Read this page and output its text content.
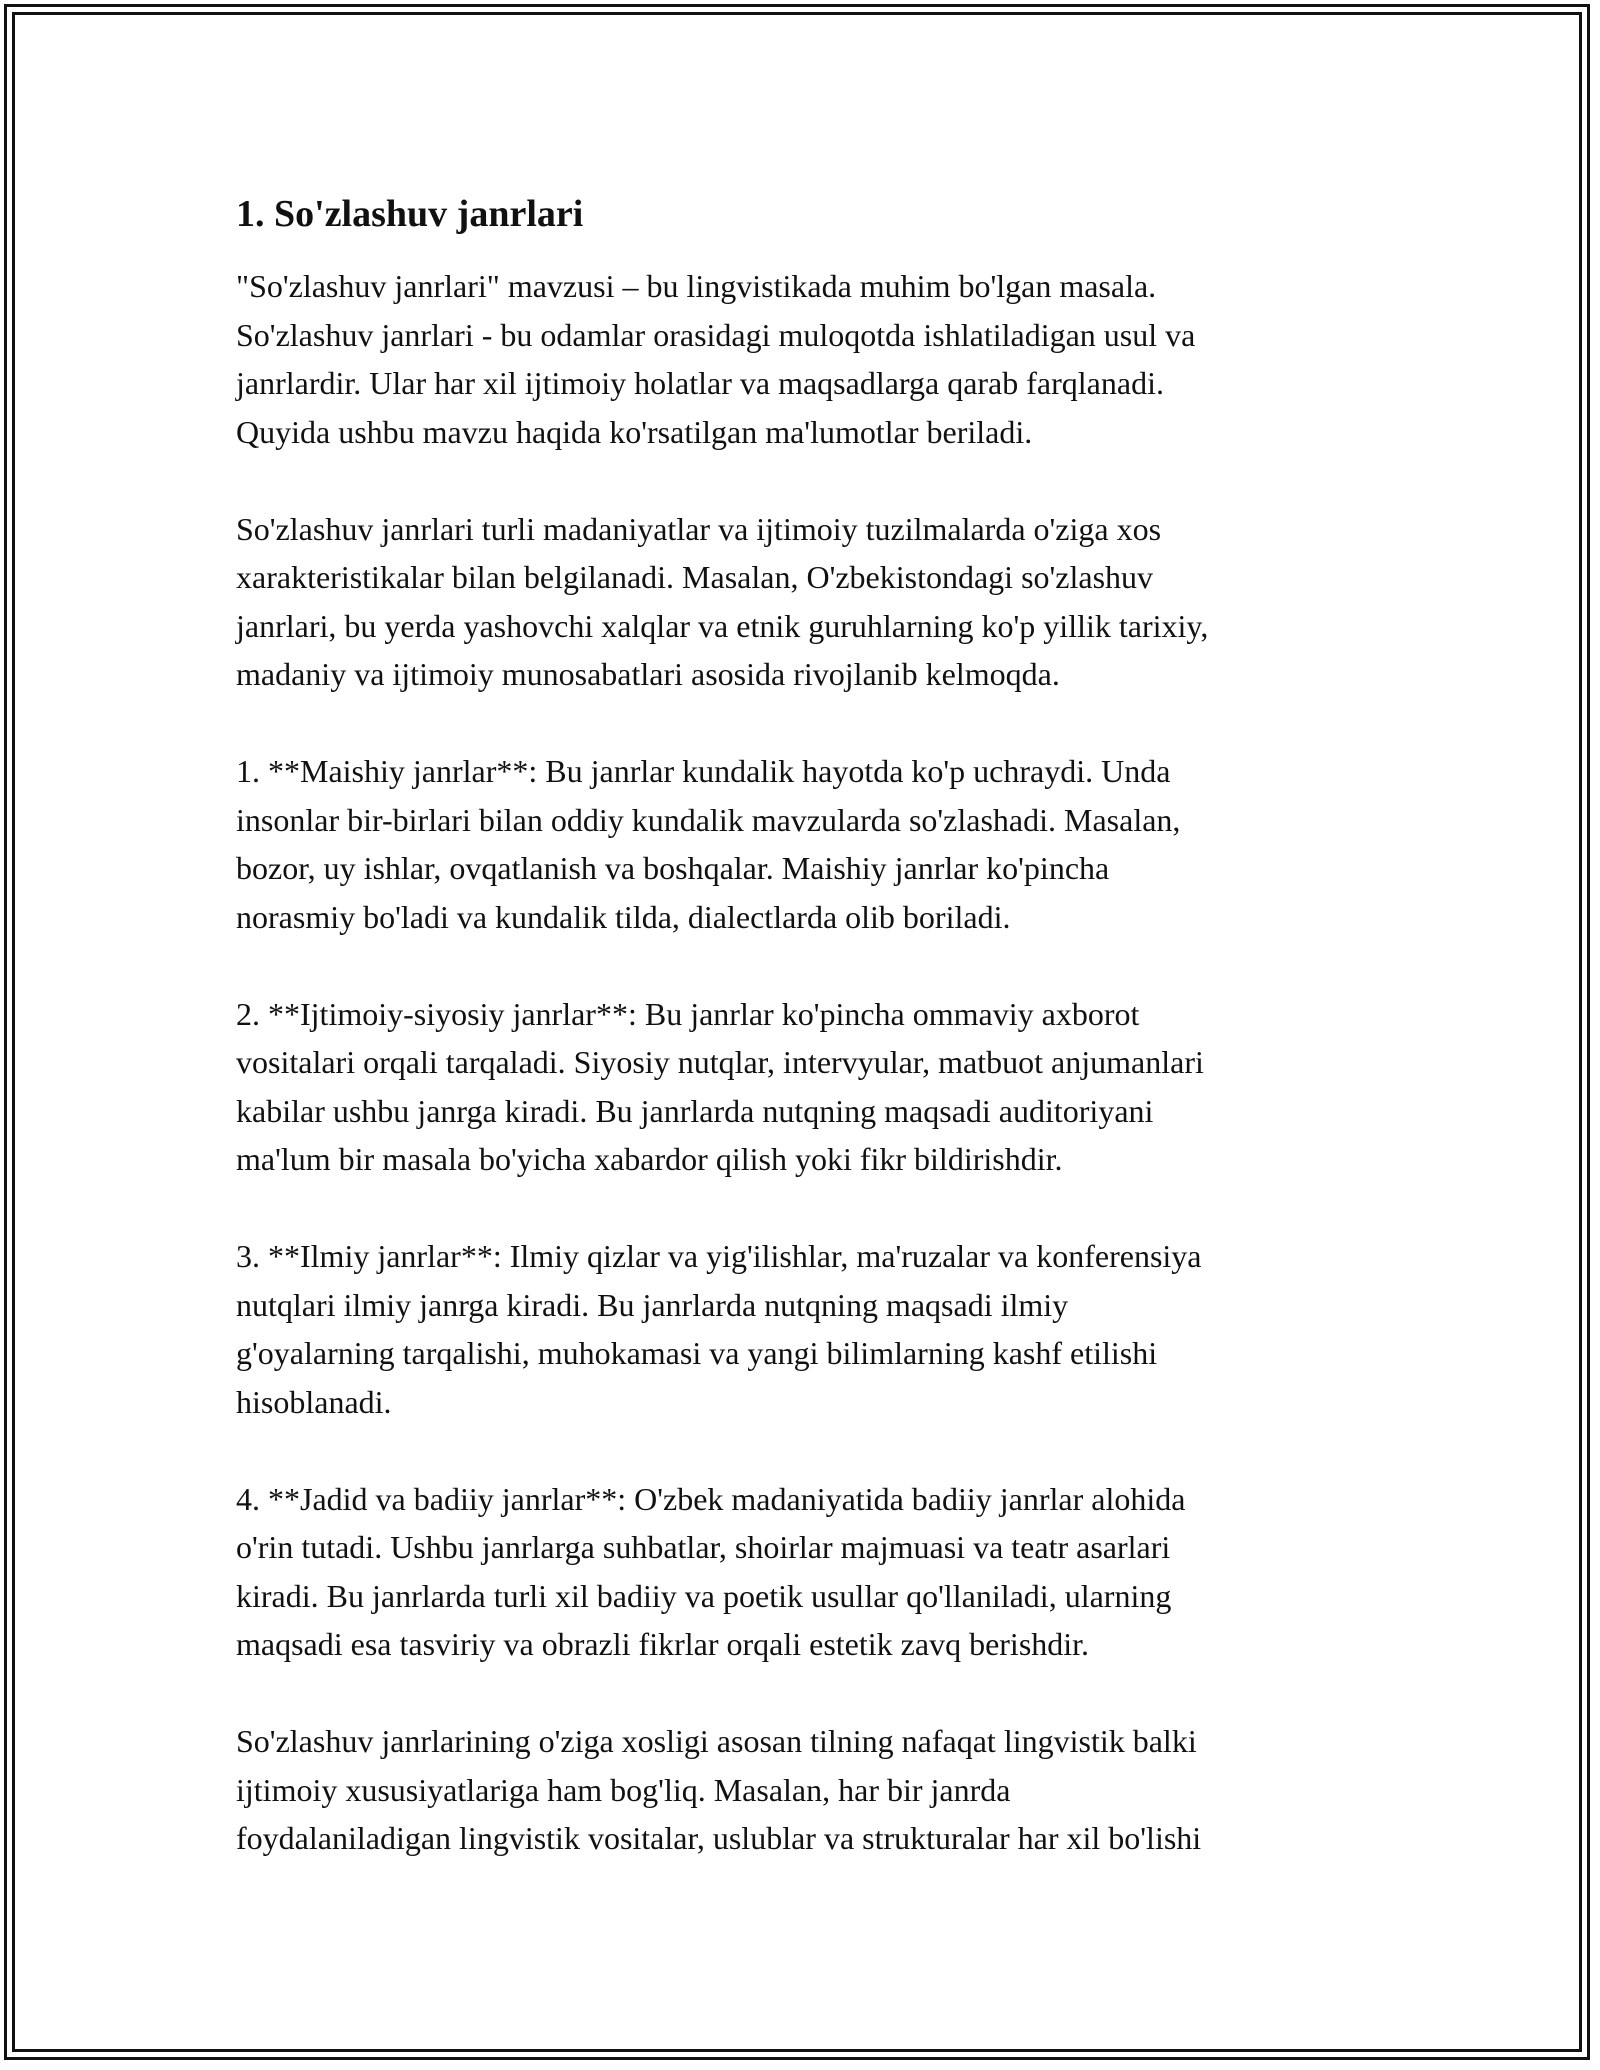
1. So'zlashuv janrlari
"So'zlashuv janrlari" mavzusi – bu lingvistikada muhim bo'lgan masala.
So'zlashuv janrlari - bu odamlar orasidagi muloqotda ishlatiladigan usul va
janrlardir. Ular har xil ijtimoiy holatlar va maqsadlarga qarab farqlanadi.
Quyida ushbu mavzu haqida ko'rsatilgan ma'lumotlar beriladi.
So'zlashuv janrlari turli madaniyatlar va ijtimoiy tuzilmalarda o'ziga xos
xarakteristikalar bilan belgilanadi. Masalan, O'zbekistondagi so'zlashuv
janrlari, bu yerda yashovchi xalqlar va etnik guruhlarning ko'p yillik tarixiy,
madaniy va ijtimoiy munosabatlari asosida rivojlanib kelmoqda.
1. **Maishiy janrlar**: Bu janrlar kundalik hayotda ko'p uchraydi. Unda
insonlar bir-birlari bilan oddiy kundalik mavzularda so'zlashadi. Masalan,
bozor, uy ishlar, ovqatlanish va boshqalar. Maishiy janrlar ko'pincha
norasmiy bo'ladi va kundalik tilda, dialectlarda olib boriladi.
2. **Ijtimoiy-siyosiy janrlar**: Bu janrlar ko'pincha ommaviy axborot
vositalari orqali tarqaladi. Siyosiy nutqlar, intervyular, matbuot anjumanlari
kabilar ushbu janrga kiradi. Bu janrlarda nutqning maqsadi auditoriyani
ma'lum bir masala bo'yicha xabardor qilish yoki fikr bildirishdir.
3. **Ilmiy janrlar**: Ilmiy qizlar va yig'ilishlar, ma'ruzalar va konferensiya
nutqlari ilmiy janrga kiradi. Bu janrlarda nutqning maqsadi ilmiy
g'oyalarning tarqalishi, muhokamasi va yangi bilimlarning kashf etilishi
hisoblanadi.
4. **Jadid va badiiy janrlar**: O'zbek madaniyatida badiiy janrlar alohida
o'rin tutadi. Ushbu janrlarga suhbatlar, shoirlar majmuasi va teatr asarlari
kiradi. Bu janrlarda turli xil badiiy va poetik usullar qo'llaniladi, ularning
maqsadi esa tasviriy va obrazli fikrlar orqali estetik zavq berishdir.
So'zlashuv janrlarining o'ziga xosligi asosan tilning nafaqat lingvistik balki
ijtimoiy xususiyatlariga ham bog'liq. Masalan, har bir janrda
foydalaniladigan lingvistik vositalar, uslublar va strukturalar har xil bo'lishi
